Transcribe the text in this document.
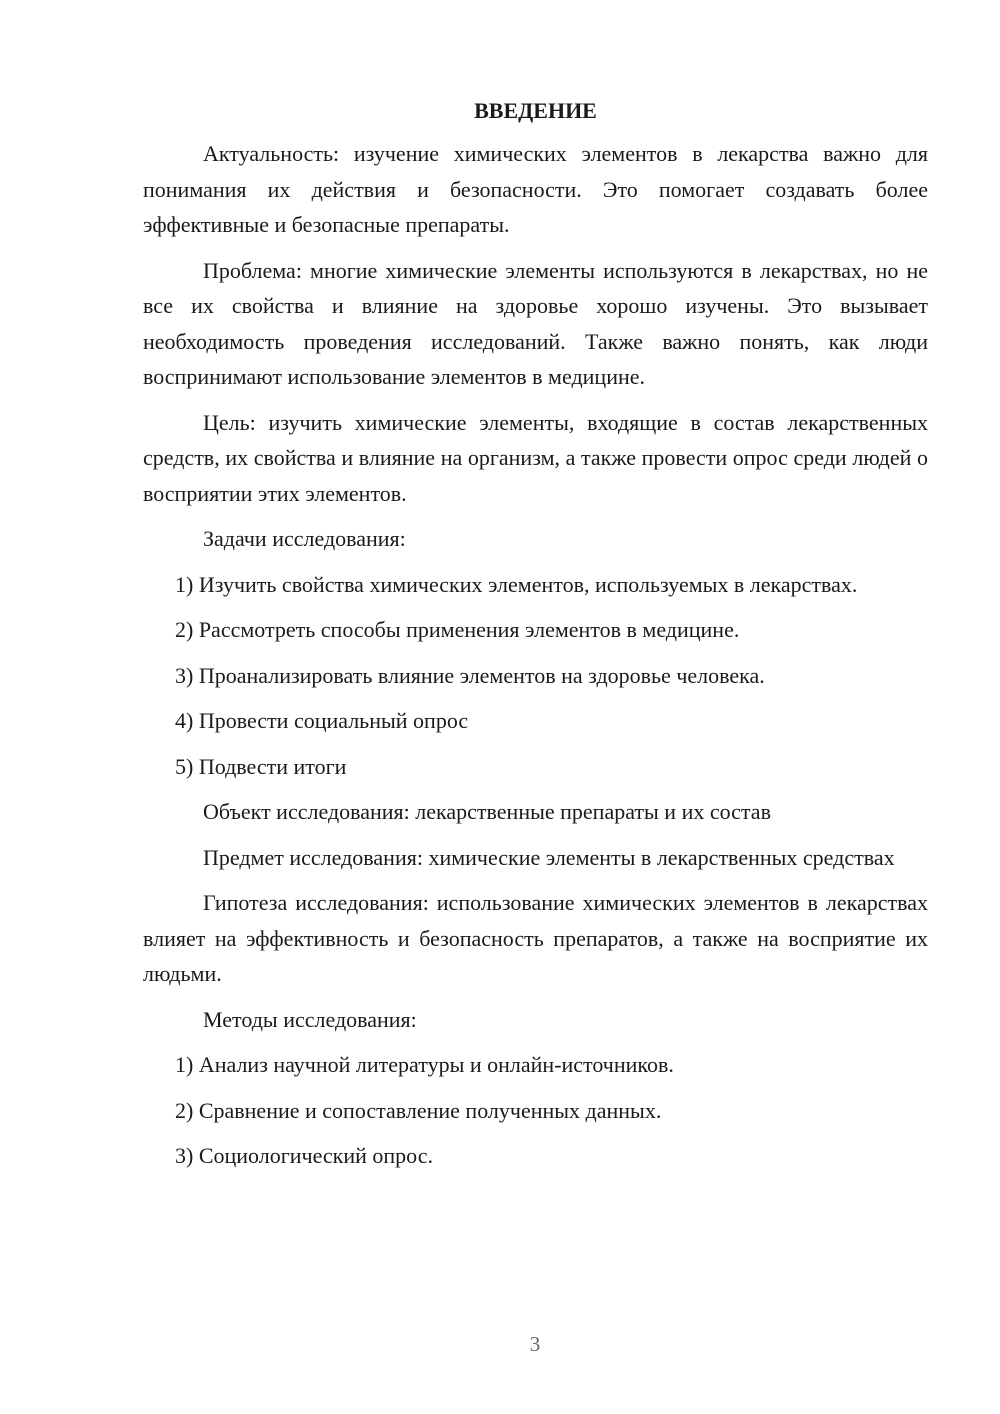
ВВЕДЕНИЕ

Актуальность: изучение химических элементов в лекарства важно для понимания их действия и безопасности. Это помогает создавать более эффективные и безопасные препараты.

Проблема: многие химические элементы используются в лекарствах, но не все их свойства и влияние на здоровье хорошо изучены. Это вызывает необходимость проведения исследований. Также важно понять, как люди воспринимают использование элементов в медицине.

Цель: изучить химические элементы, входящие в состав лекарственных средств, их свойства и влияние на организм, а также провести опрос среди людей о восприятии этих элементов.

Задачи исследования:

1) Изучить свойства химических элементов, используемых в лекарствах.

2) Рассмотреть способы применения элементов в медицине.

3) Проанализировать влияние элементов на здоровье человека.

4) Провести социальный опрос

5) Подвести итоги

Объект исследования: лекарственные препараты и их состав

Предмет исследования: химические элементы в лекарственных средствах

Гипотеза исследования: использование химических элементов в лекарствах влияет на эффективность и безопасность препаратов, а также на восприятие их людьми.

Методы исследования:

1) Анализ научной литературы и онлайн-источников.

2) Сравнение и сопоставление полученных данных.

3) Социологический опрос.

3
